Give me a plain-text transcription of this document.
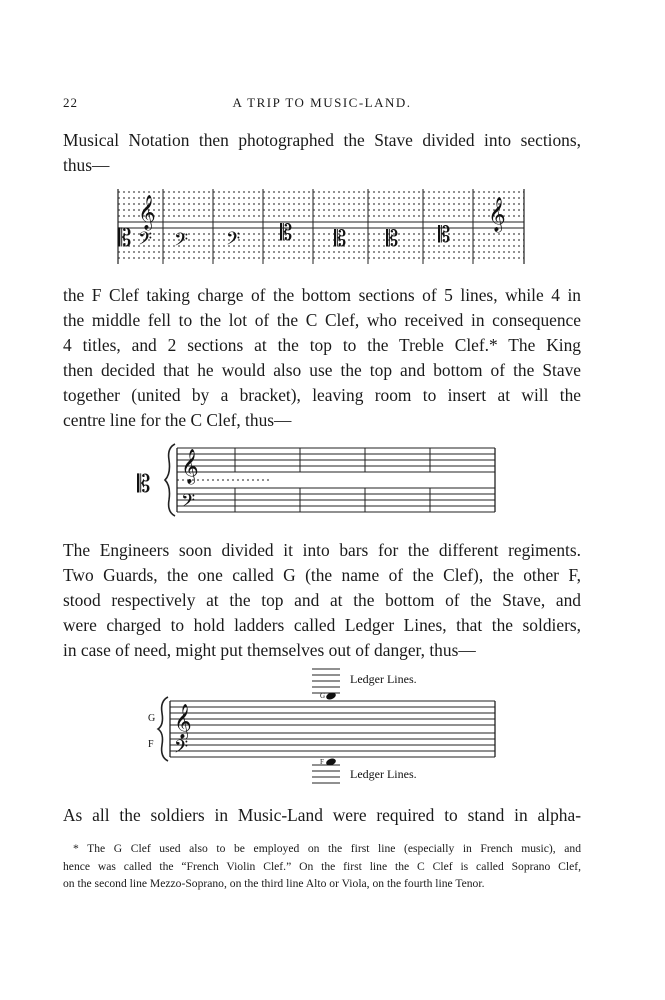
22	A TRIP TO MUSIC-LAND.

Musical Notation then photographed the Stave divided into sections,
thus—

𝄞
𝄡 𝄢 𝄢 𝄢 𝄡 𝄡 𝄡 𝄡
𝄞

the F Clef taking charge of the bottom sections of 5 lines, while 4 in
the middle fell to the lot of the C Clef, who received in consequence
4 titles, and 2 sections at the top to the Treble Clef.* The King
then decided that he would also use the top and bottom of the Stave
together (united by a bracket), leaving room to insert at will the
centre line for the C Clef, thus—

𝄡
𝄞
𝄢

The Engineers soon divided it into bars for the different regiments.
Two Guards, the one called G (the name of the Clef), the other F,
stood respectively at the top and at the bottom of the Stave, and
were charged to hold ladders called Ledger Lines, that the soldiers,
in case of need, might put themselves out of danger, thus—

𝄞
𝄢
G
F
G
F
Ledger Lines.
Ledger Lines.

As all the soldiers in Music-Land were required to stand in alpha-

* The G Clef used also to be employed on the first line (especially in French music), and
hence was called the “French Violin Clef.” On the first line the C Clef is called Soprano Clef,
on the second line Mezzo-Soprano, on the third line Alto or Viola, on the fourth line Tenor.
